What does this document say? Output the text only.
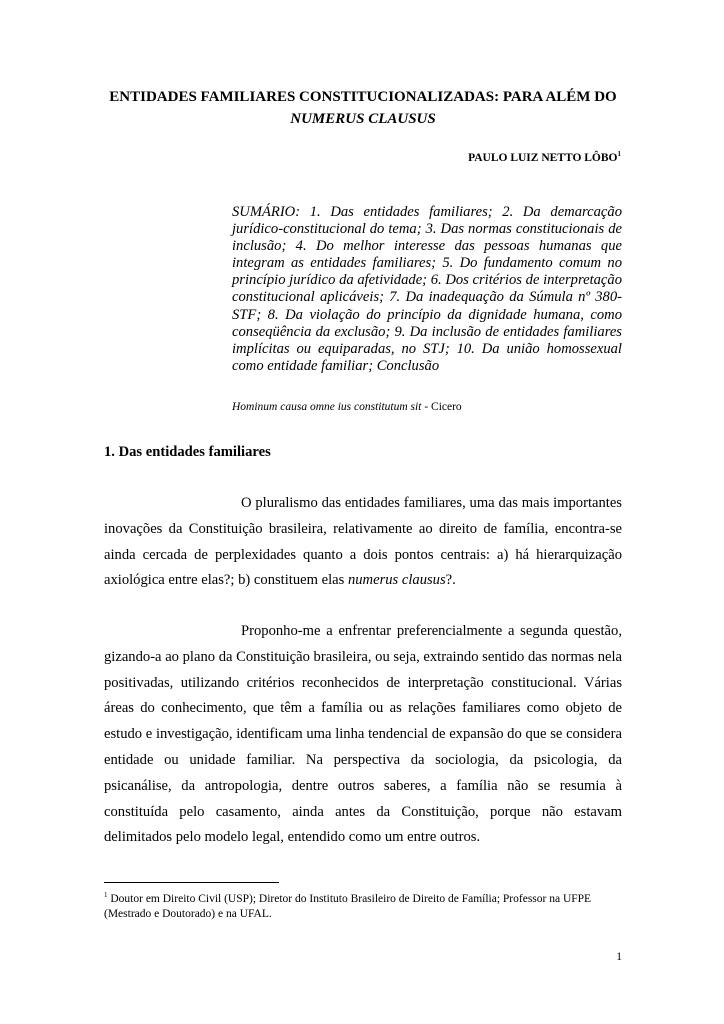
ENTIDADES FAMILIARES CONSTITUCIONALIZADAS: PARA ALÉM DO
NUMERUS CLAUSUS

PAULO LUIZ NETTO LÔBO$^1$

SUMÁRIO: 1. Das entidades familiares; 2. Da demarcação jurídico-constitucional do tema; 3. Das normas constitucionais de inclusão; 4. Do melhor interesse das pessoas humanas que integram as entidades familiares; 5. Do fundamento comum no princípio jurídico da afetividade; 6. Dos critérios de interpretação constitucional aplicáveis; 7. Da inadequação da Súmula nº 380-STF; 8. Da violação do princípio da dignidade humana, como conseqüência da exclusão; 9. Da inclusão de entidades familiares implícitas ou equiparadas, no STJ; 10. Da união homossexual como entidade familiar; Conclusão

Hominum causa omne ius constitutum sit - Cicero

1. Das entidades familiares

O pluralismo das entidades familiares, uma das mais importantes inovações da Constituição brasileira, relativamente ao direito de família, encontra-se ainda cercada de perplexidades quanto a dois pontos centrais: a) há hierarquização axiológica entre elas?; b) constituem elas numerus clausus?.

Proponho-me a enfrentar preferencialmente a segunda questão, gizando-a ao plano da Constituição brasileira, ou seja, extraindo sentido das normas nela positivadas, utilizando critérios reconhecidos de interpretação constitucional. Várias áreas do conhecimento, que têm a família ou as relações familiares como objeto de estudo e investigação, identificam uma linha tendencial de expansão do que se considera entidade ou unidade familiar. Na perspectiva da sociologia, da psicologia, da psicanálise, da antropologia, dentre outros saberes, a família não se resumia à constituída pelo casamento, ainda antes da Constituição, porque não estavam delimitados pelo modelo legal, entendido como um entre outros.

$^1$ Doutor em Direito Civil (USP); Diretor do Instituto Brasileiro de Direito de Família; Professor na UFPE (Mestrado e Doutorado) e na UFAL.

1
